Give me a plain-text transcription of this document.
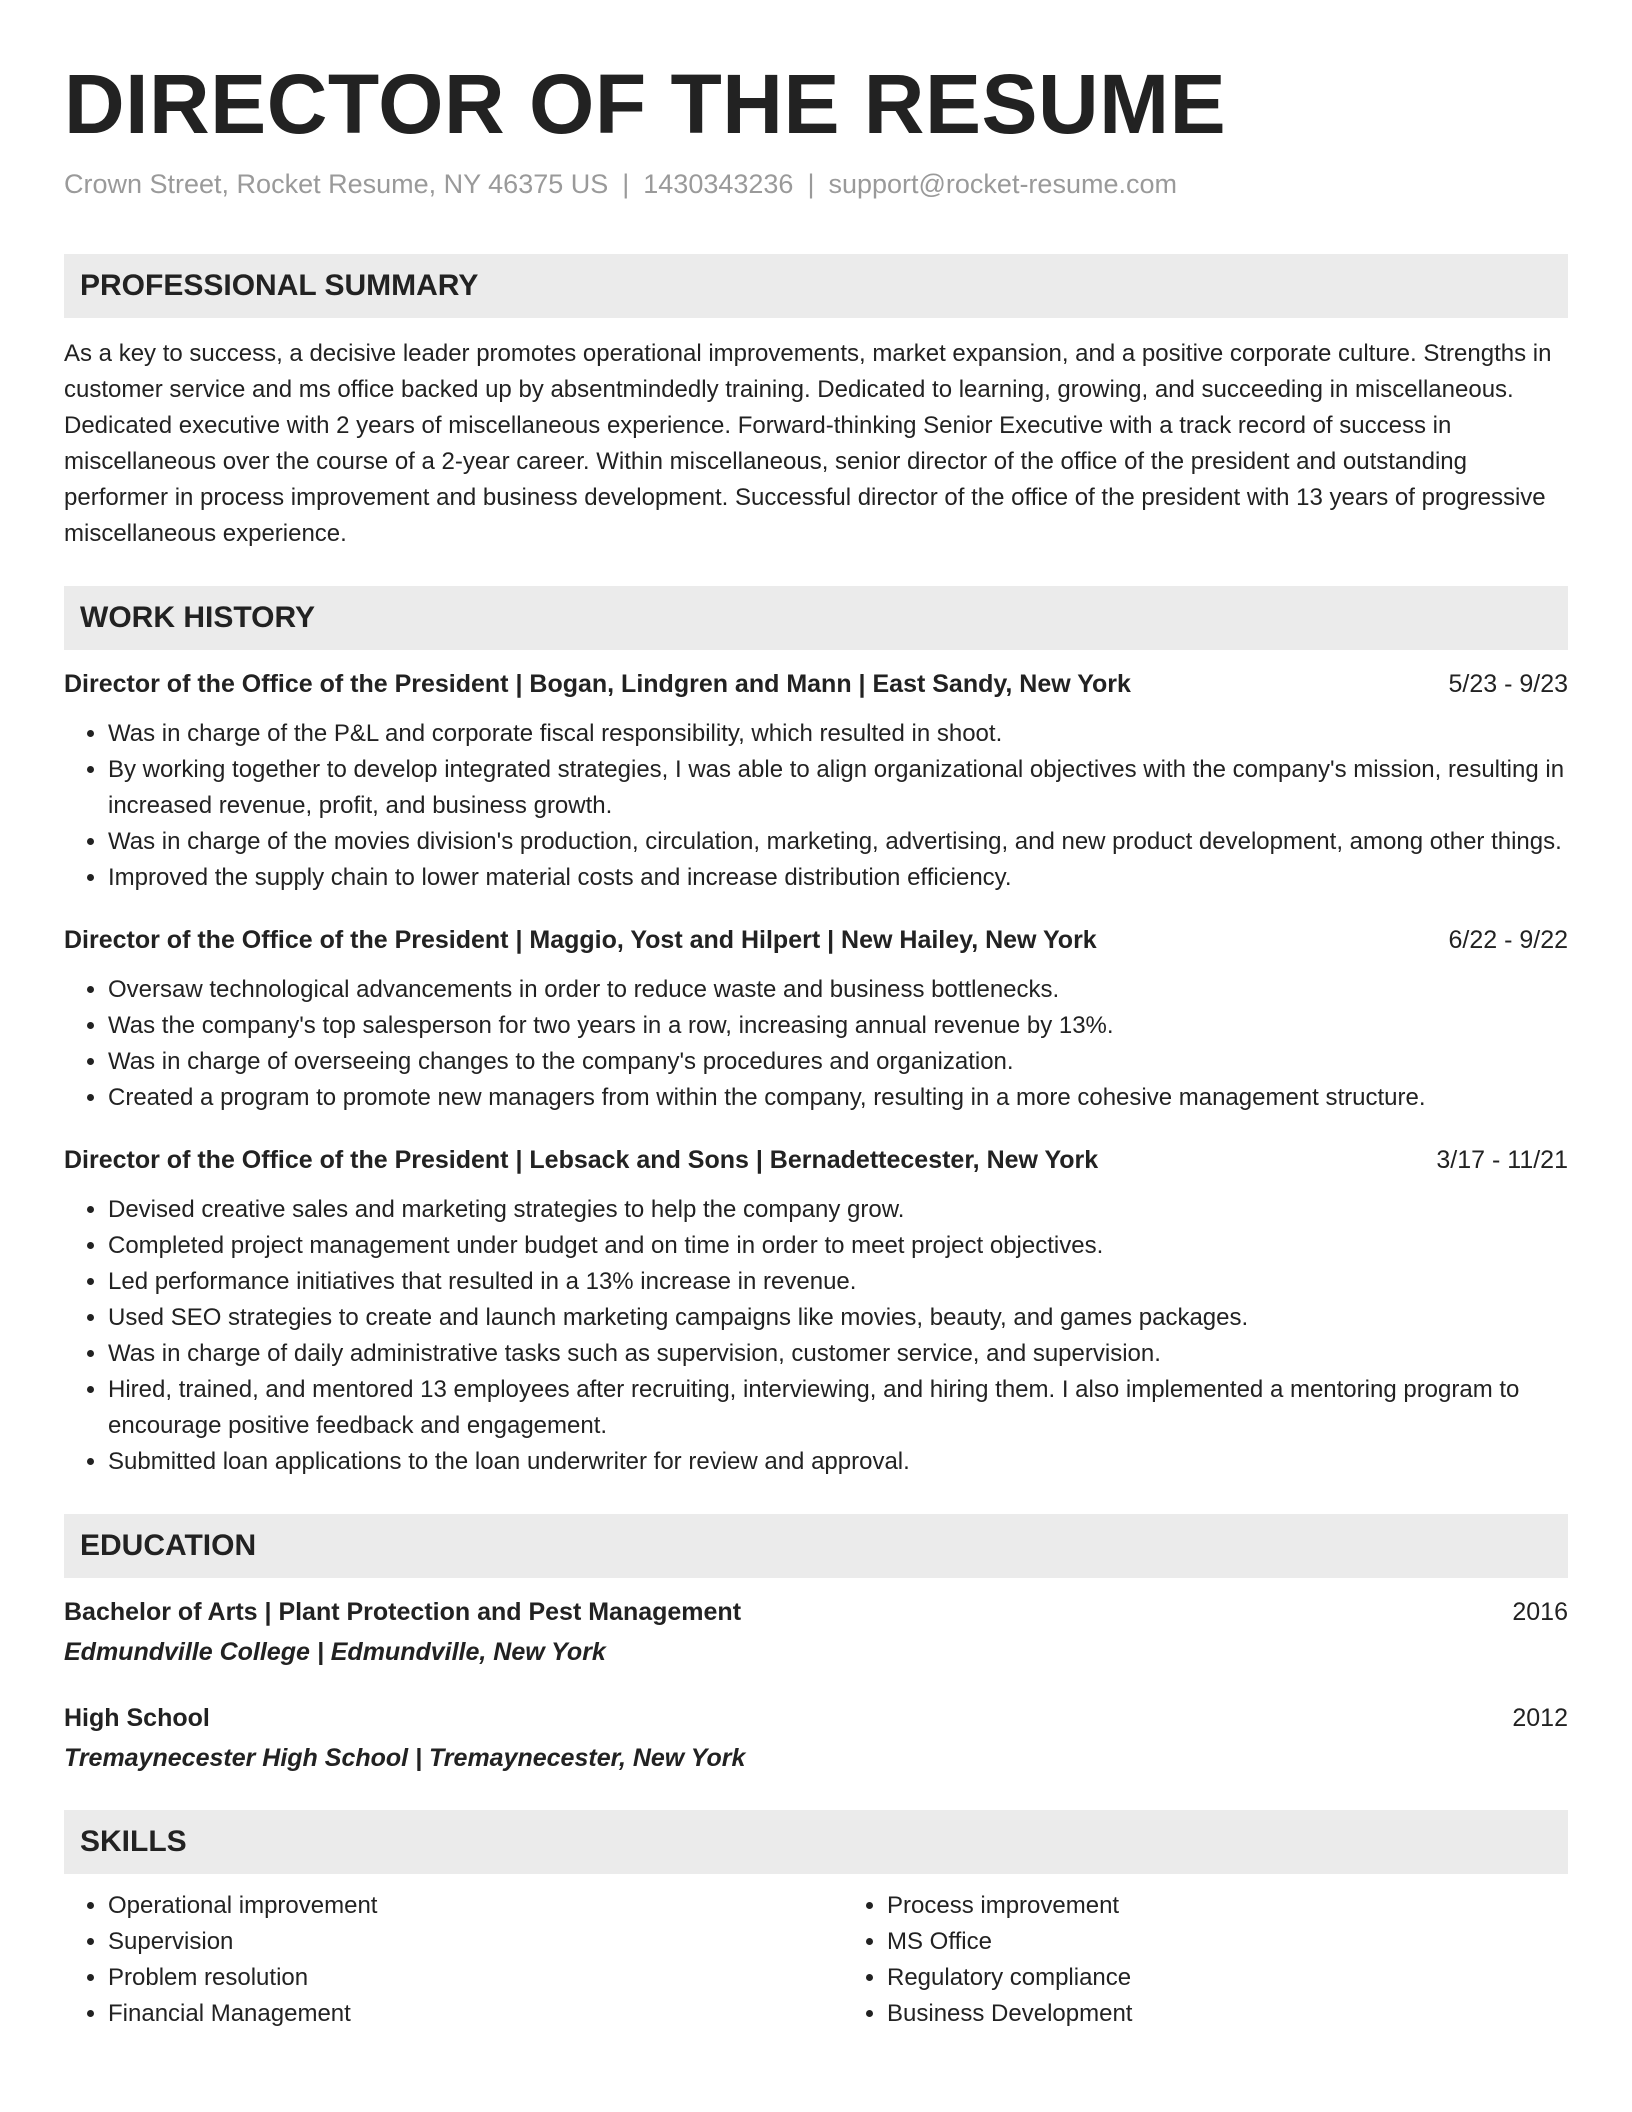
DIRECTOR OF THE RESUME
Crown Street, Rocket Resume, NY 46375 US | 1430343236 | support@rocket-resume.com
PROFESSIONAL SUMMARY
As a key to success, a decisive leader promotes operational improvements, market expansion, and a positive corporate culture. Strengths in customer service and ms office backed up by absentmindedly training. Dedicated to learning, growing, and succeeding in miscellaneous. Dedicated executive with 2 years of miscellaneous experience. Forward-thinking Senior Executive with a track record of success in miscellaneous over the course of a 2-year career. Within miscellaneous, senior director of the office of the president and outstanding performer in process improvement and business development. Successful director of the office of the president with 13 years of progressive miscellaneous experience.
WORK HISTORY
Director of the Office of the President | Bogan, Lindgren and Mann | East Sandy, New York	5/23 - 9/23
• Was in charge of the P&L and corporate fiscal responsibility, which resulted in shoot.
• By working together to develop integrated strategies, I was able to align organizational objectives with the company's mission, resulting in increased revenue, profit, and business growth.
• Was in charge of the movies division's production, circulation, marketing, advertising, and new product development, among other things.
• Improved the supply chain to lower material costs and increase distribution efficiency.
Director of the Office of the President | Maggio, Yost and Hilpert | New Hailey, New York	6/22 - 9/22
• Oversaw technological advancements in order to reduce waste and business bottlenecks.
• Was the company's top salesperson for two years in a row, increasing annual revenue by 13%.
• Was in charge of overseeing changes to the company's procedures and organization.
• Created a program to promote new managers from within the company, resulting in a more cohesive management structure.
Director of the Office of the President | Lebsack and Sons | Bernadettecester, New York	3/17 - 11/21
• Devised creative sales and marketing strategies to help the company grow.
• Completed project management under budget and on time in order to meet project objectives.
• Led performance initiatives that resulted in a 13% increase in revenue.
• Used SEO strategies to create and launch marketing campaigns like movies, beauty, and games packages.
• Was in charge of daily administrative tasks such as supervision, customer service, and supervision.
• Hired, trained, and mentored 13 employees after recruiting, interviewing, and hiring them. I also implemented a mentoring program to encourage positive feedback and engagement.
• Submitted loan applications to the loan underwriter for review and approval.
EDUCATION
Bachelor of Arts | Plant Protection and Pest Management	2016
Edmundville College | Edmundville, New York
High School	2012
Tremaynecester High School | Tremaynecester, New York
SKILLS
• Operational improvement
• Supervision
• Problem resolution
• Financial Management
• Process improvement
• MS Office
• Regulatory compliance
• Business Development
